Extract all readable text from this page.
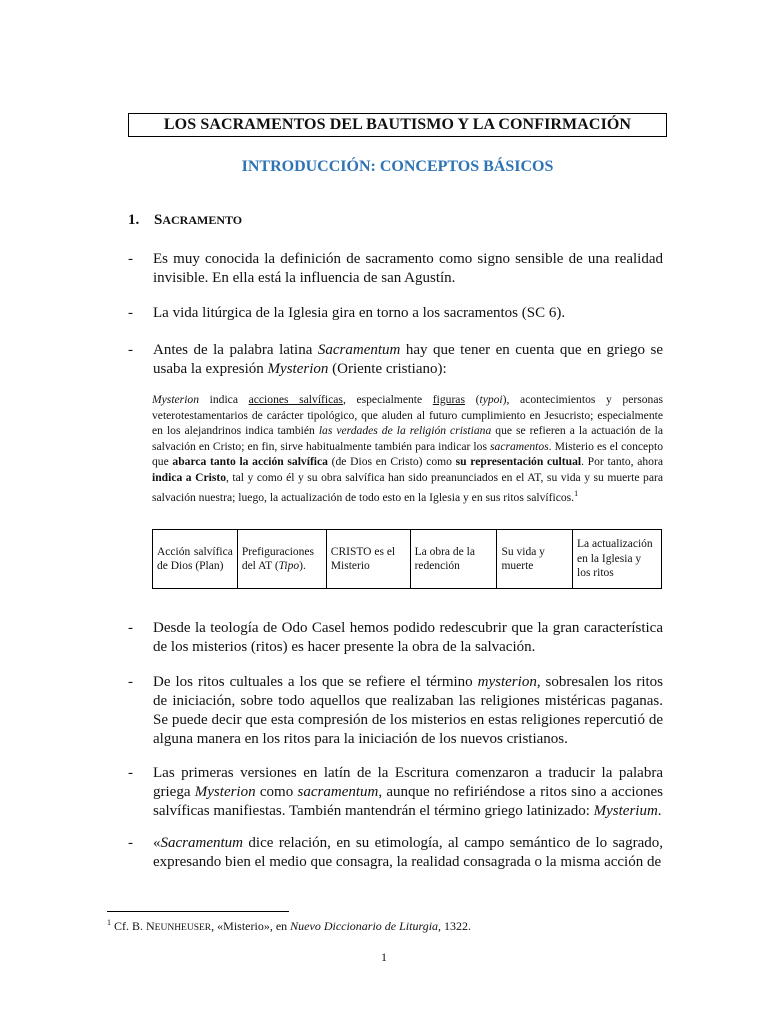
LOS SACRAMENTOS DEL BAUTISMO Y LA CONFIRMACIÓN
INTRODUCCIÓN: CONCEPTOS BÁSICOS
1. SACRAMENTO
-	Es muy conocida la definición de sacramento como signo sensible de una realidad invisible. En ella está la influencia de san Agustín.
-	La vida litúrgica de la Iglesia gira en torno a los sacramentos (SC 6).
-	Antes de la palabra latina Sacramentum hay que tener en cuenta que en griego se usaba la expresión Mysterion (Oriente cristiano):
Mysterion indica acciones salvíficas, especialmente figuras (typoi), acontecimientos y personas veterotestamentarios de carácter tipológico, que aluden al futuro cumplimiento en Jesucristo; especialmente en los alejandrinos indica también las verdades de la religión cristiana que se refieren a la actuación de la salvación en Cristo; en fin, sirve habitualmente también para indicar los sacramentos. Misterio es el concepto que abarca tanto la acción salvífica (de Dios en Cristo) como su representación cultual. Por tanto, ahora indica a Cristo, tal y como él y su obra salvífica han sido preanunciados en el AT, su vida y su muerte para salvación nuestra; luego, la actualización de todo esto en la Iglesia y en sus ritos salvíficos.$^1$
Acción salvífica de Dios (Plan)	Prefiguraciones del AT (Tipo).	CRISTO es el Misterio	La obra de la redención	Su vida y muerte	La actualización en la Iglesia y los ritos
-	Desde la teología de Odo Casel hemos podido redescubrir que la gran característica de los misterios (ritos) es hacer presente la obra de la salvación.
-	De los ritos cultuales a los que se refiere el término mysterion, sobresalen los ritos de iniciación, sobre todo aquellos que realizaban las religiones mistéricas paganas. Se puede decir que esta compresión de los misterios en estas religiones repercutió de alguna manera en los ritos para la iniciación de los nuevos cristianos.
-	Las primeras versiones en latín de la Escritura comenzaron a traducir la palabra griega Mysterion como sacramentum, aunque no refiriéndose a ritos sino a acciones salvíficas manifiestas. También mantendrán el término griego latinizado: Mysterium.
-	«Sacramentum dice relación, en su etimología, al campo semántico de lo sagrado, expresando bien el medio que consagra, la realidad consagrada o la misma acción de
$^1$ Cf. B. NEUNHEUSER, «Misterio», en Nuevo Diccionario de Liturgia, 1322.
1
